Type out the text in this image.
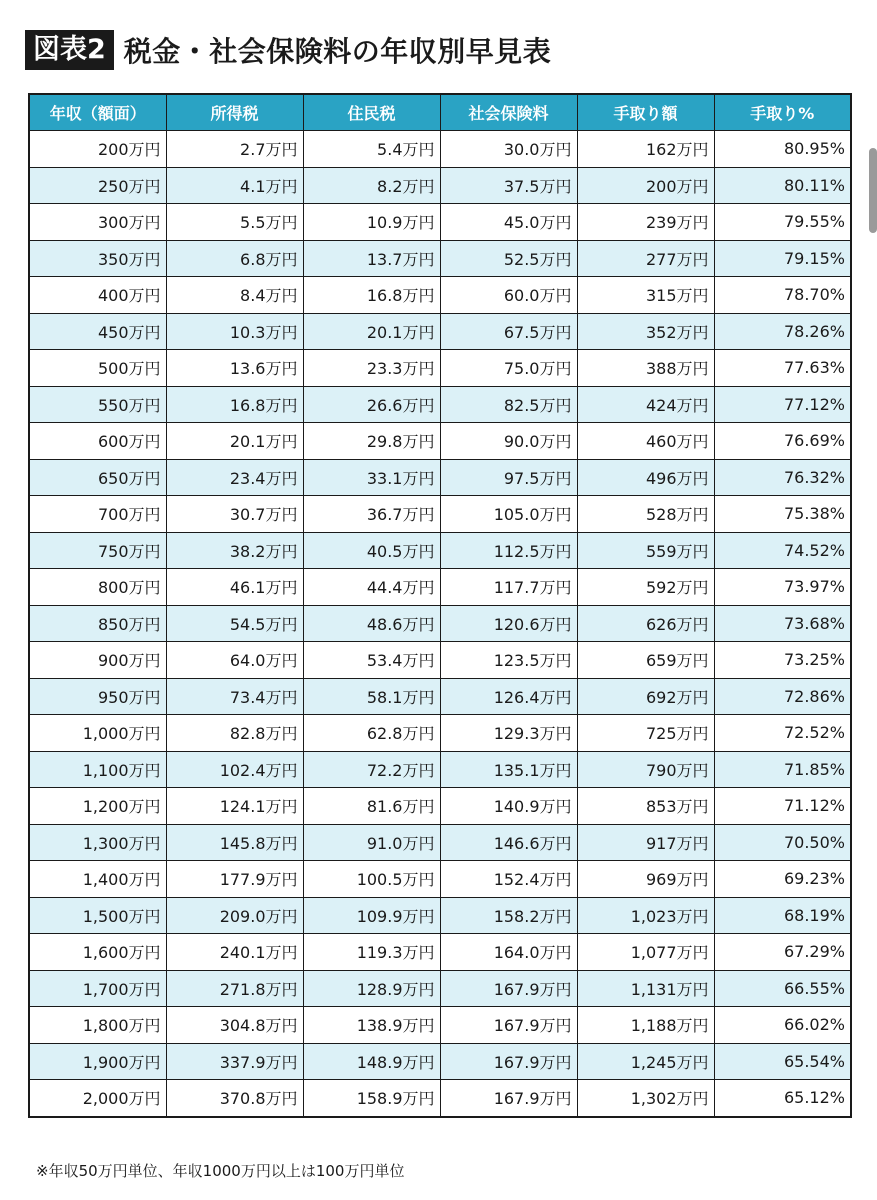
図表2 税金・社会保険料の年収別早見表
年収（額面）	所得税	住民税	社会保険料	手取り額	手取り%
200万円	2.7万円	5.4万円	30.0万円	162万円	80.95%
250万円	4.1万円	8.2万円	37.5万円	200万円	80.11%
300万円	5.5万円	10.9万円	45.0万円	239万円	79.55%
350万円	6.8万円	13.7万円	52.5万円	277万円	79.15%
400万円	8.4万円	16.8万円	60.0万円	315万円	78.70%
450万円	10.3万円	20.1万円	67.5万円	352万円	78.26%
500万円	13.6万円	23.3万円	75.0万円	388万円	77.63%
550万円	16.8万円	26.6万円	82.5万円	424万円	77.12%
600万円	20.1万円	29.8万円	90.0万円	460万円	76.69%
650万円	23.4万円	33.1万円	97.5万円	496万円	76.32%
700万円	30.7万円	36.7万円	105.0万円	528万円	75.38%
750万円	38.2万円	40.5万円	112.5万円	559万円	74.52%
800万円	46.1万円	44.4万円	117.7万円	592万円	73.97%
850万円	54.5万円	48.6万円	120.6万円	626万円	73.68%
900万円	64.0万円	53.4万円	123.5万円	659万円	73.25%
950万円	73.4万円	58.1万円	126.4万円	692万円	72.86%
1,000万円	82.8万円	62.8万円	129.3万円	725万円	72.52%
1,100万円	102.4万円	72.2万円	135.1万円	790万円	71.85%
1,200万円	124.1万円	81.6万円	140.9万円	853万円	71.12%
1,300万円	145.8万円	91.0万円	146.6万円	917万円	70.50%
1,400万円	177.9万円	100.5万円	152.4万円	969万円	69.23%
1,500万円	209.0万円	109.9万円	158.2万円	1,023万円	68.19%
1,600万円	240.1万円	119.3万円	164.0万円	1,077万円	67.29%
1,700万円	271.8万円	128.9万円	167.9万円	1,131万円	66.55%
1,800万円	304.8万円	138.9万円	167.9万円	1,188万円	66.02%
1,900万円	337.9万円	148.9万円	167.9万円	1,245万円	65.54%
2,000万円	370.8万円	158.9万円	167.9万円	1,302万円	65.12%
※年収50万円単位、年収1000万円以上は100万円単位
